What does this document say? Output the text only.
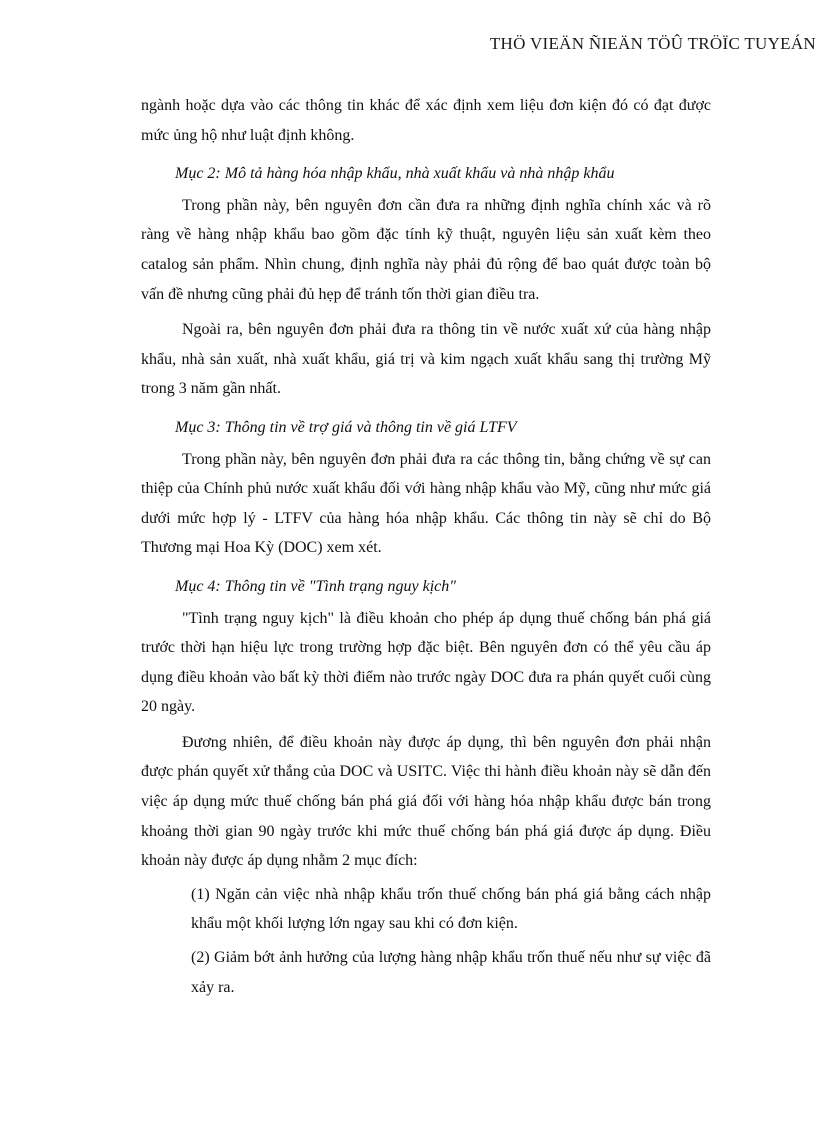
THÖ VIEÄN ÑIEÄN TÖÛ TRÖÏC TUYEÁN

ngành hoặc dựa vào các thông tin khác để xác định xem liệu đơn kiện đó có đạt được mức ủng hộ như luật định không.

Mục 2: Mô tả hàng hóa nhập khẩu, nhà xuất khẩu và nhà nhập khẩu

Trong phần này, bên nguyên đơn cần đưa ra những định nghĩa chính xác và rõ ràng về hàng nhập khẩu bao gồm đặc tính kỹ thuật, nguyên liệu sản xuất kèm theo catalog sản phẩm. Nhìn chung, định nghĩa này phải đủ rộng để bao quát được toàn bộ vấn đề nhưng cũng phải đủ hẹp để tránh tốn thời gian điều tra.

Ngoài ra, bên nguyên đơn phải đưa ra thông tin về nước xuất xứ của hàng nhập khẩu, nhà sản xuất, nhà xuất khẩu, giá trị và kim ngạch xuất khẩu sang thị trường Mỹ trong 3 năm gần nhất.

Mục 3: Thông tin về trợ giá và thông tin về giá LTFV

Trong phần này, bên nguyên đơn phải đưa ra các thông tin, bằng chứng về sự can thiệp của Chính phủ nước xuất khẩu đối với hàng nhập khẩu vào Mỹ, cũng như mức giá dưới mức hợp lý - LTFV của hàng hóa nhập khẩu. Các thông tin này sẽ chỉ do Bộ Thương mại Hoa Kỳ (DOC) xem xét.

Mục 4: Thông tin về "Tình trạng nguy kịch"

"Tình trạng nguy kịch" là điều khoản cho phép áp dụng thuế chống bán phá giá trước thời hạn hiệu lực trong trường hợp đặc biệt. Bên nguyên đơn có thể yêu cầu áp dụng điều khoản vào bất kỳ thời điểm nào trước ngày DOC đưa ra phán quyết cuối cùng 20 ngày.

Đương nhiên, để điều khoản này được áp dụng, thì bên nguyên đơn phải nhận được phán quyết xử thắng của DOC và USITC. Việc thi hành điều khoản này sẽ dẫn đến việc áp dụng mức thuế chống bán phá giá đối với hàng hóa nhập khẩu được bán trong khoảng thời gian 90 ngày trước khi mức thuế chống bán phá giá được áp dụng. Điều khoản này được áp dụng nhằm 2 mục đích:

(1) Ngăn cản việc nhà nhập khẩu trốn thuế chống bán phá giá bằng cách nhập khẩu một khối lượng lớn ngay sau khi có đơn kiện.

(2) Giảm bớt ảnh hưởng của lượng hàng nhập khẩu trốn thuế nếu như sự việc đã xảy ra.
